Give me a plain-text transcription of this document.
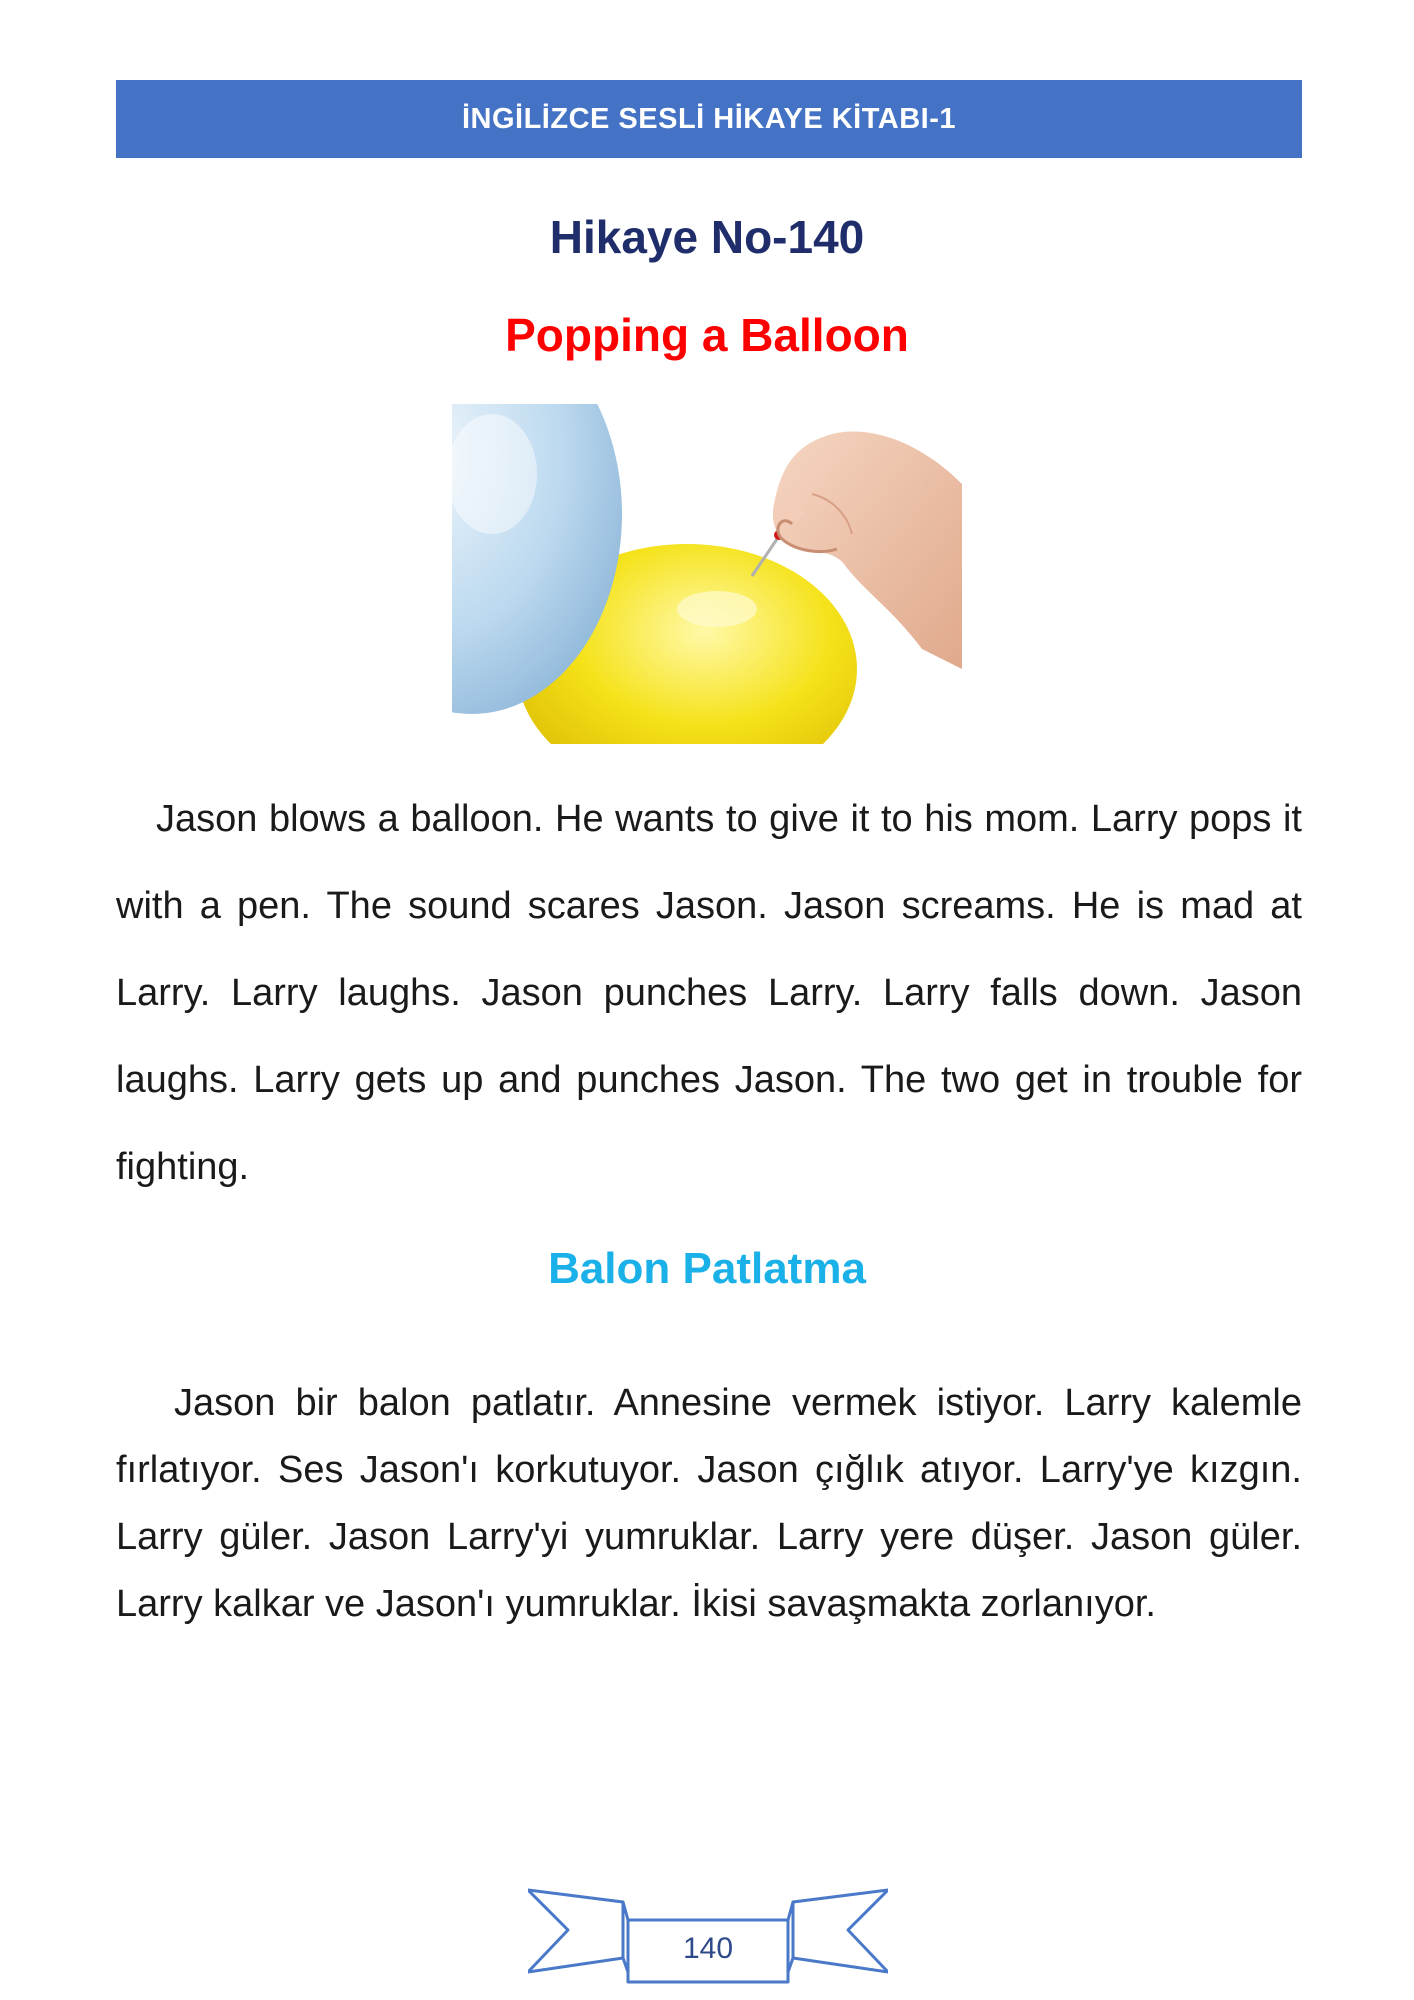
İNGİLİZCE SESLİ HİKAYE KİTABI-1
Hikaye No-140
Popping a Balloon

Jason blows a balloon. He wants to give it to his mom. Larry pops it with a pen. The sound scares Jason. Jason screams. He is mad at Larry. Larry laughs. Jason punches Larry. Larry falls down. Jason laughs. Larry gets up and punches Jason. The two get in trouble for fighting.

Balon Patlatma

Jason bir balon patlatır. Annesine vermek istiyor. Larry kalemle fırlatıyor. Ses Jason'ı korkutuyor. Jason çığlık atıyor. Larry'ye kızgın. Larry güler. Jason Larry'yi yumruklar. Larry yere düşer. Jason güler. Larry kalkar ve Jason'ı yumruklar. İkisi savaşmakta zorlanıyor.

140
